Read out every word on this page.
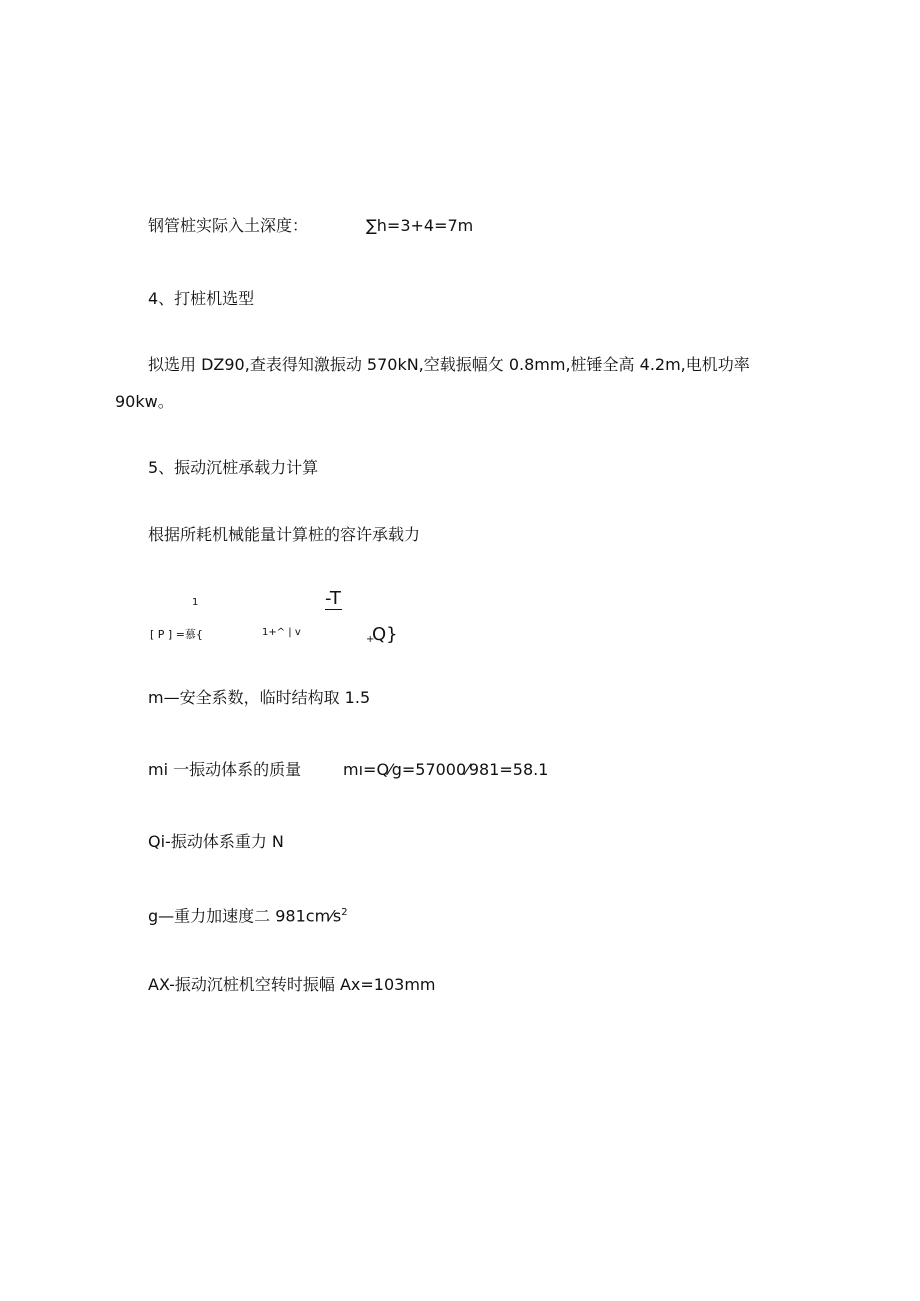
钢管桩实际入土深度：	∑h=3+4=7m
4、打桩机选型
拟选用 DZ90,查表得知激振动 570kN,空载振幅攵 0.8mm,桩锤全高 4.2m,电机功率
90kw。
5、振动沉桩承载力计算
根据所耗机械能量计算桩的容许承载力
1	-T
[ P ] =慕{	1+^ | v
+
Q}
m—安全系数，临时结构取 1.5
mi 一振动体系的质量	mı=Q⁄g=57000⁄981=58.1
Qi-振动体系重力 N
g—重力加速度二 $981cm⁄s^2$
AX-振动沉桩机空转时振幅 Ax=103mm
